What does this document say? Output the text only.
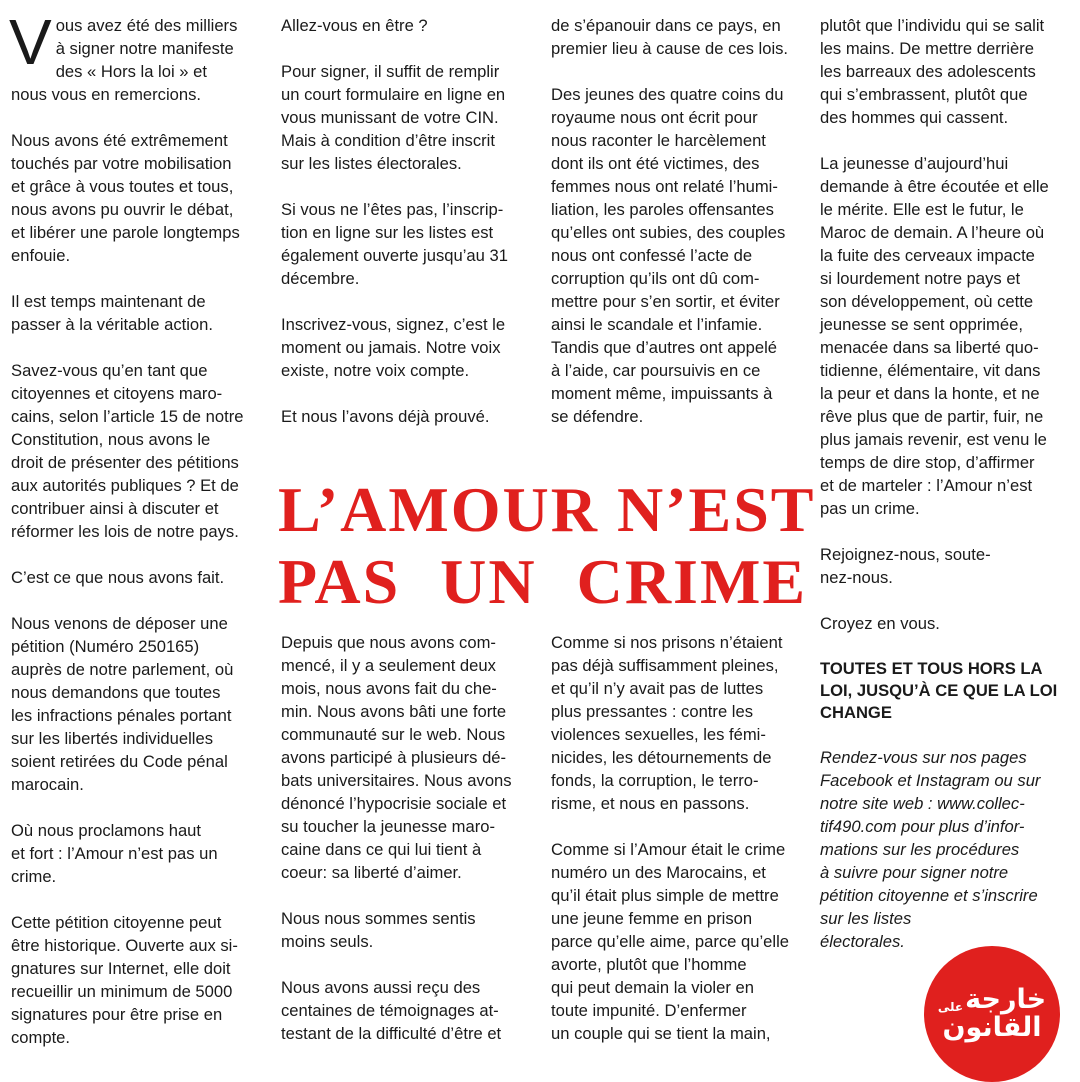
Vous avez été des milliers
à signer notre manifeste
des « Hors la loi » et
nous vous en remercions.

Nous avons été extrêmement
touchés par votre mobilisation
et grâce à vous toutes et tous,
nous avons pu ouvrir le débat,
et libérer une parole longtemps
enfouie.

Il est temps maintenant de
passer à la véritable action.

Savez-vous qu’en tant que
citoyennes et citoyens maro-
cains, selon l’article 15 de notre
Constitution, nous avons le
droit de présenter des pétitions
aux autorités publiques ? Et de
contribuer ainsi à discuter et
réformer les lois de notre pays.

C’est ce que nous avons fait.

Nous venons de déposer une
pétition (Numéro 250165)
auprès de notre parlement, où
nous demandons que toutes
les infractions pénales portant
sur les libertés individuelles
soient retirées du Code pénal
marocain.

Où nous proclamons haut
et fort : l’Amour n’est pas un
crime.

Cette pétition citoyenne peut
être historique. Ouverte aux si-
gnatures sur Internet, elle doit
recueillir un minimum de 5000
signatures pour être prise en
compte.

Allez-vous en être ?

Pour signer, il suffit de remplir
un court formulaire en ligne en
vous munissant de votre CIN.
Mais à condition d’être inscrit
sur les listes électorales.

Si vous ne l’êtes pas, l’inscrip-
tion en ligne sur les listes est
également ouverte jusqu’au 31
décembre.

Inscrivez-vous, signez, c’est le
moment ou jamais. Notre voix
existe, notre voix compte.

Et nous l’avons déjà prouvé.

de s’épanouir dans ce pays, en
premier lieu à cause de ces lois.

Des jeunes des quatre coins du
royaume nous ont écrit pour
nous raconter le harcèlement
dont ils ont été victimes, des
femmes nous ont relaté l’humi-
liation, les paroles offensantes
qu’elles ont subies, des couples
nous ont confessé l’acte de
corruption qu’ils ont dû com-
mettre pour s’en sortir, et éviter
ainsi le scandale et l’infamie.
Tandis que d’autres ont appelé
à l’aide, car poursuivis en ce
moment même, impuissants à
se défendre.

L’AMOUR N’EST
PAS UN CRIME

Depuis que nous avons com-
mencé, il y a seulement deux
mois, nous avons fait du che-
min. Nous avons bâti une forte
communauté sur le web. Nous
avons participé à plusieurs dé-
bats universitaires. Nous avons
dénoncé l’hypocrisie sociale et
su toucher la jeunesse maro-
caine dans ce qui lui tient à
coeur: sa liberté d’aimer.

Nous nous sommes sentis
moins seuls.

Nous avons aussi reçu des
centaines de témoignages at-
testant de la difficulté d’être et

Comme si nos prisons n’étaient
pas déjà suffisamment pleines,
et qu’il n’y avait pas de luttes
plus pressantes : contre les
violences sexuelles, les fémi-
nicides, les détournements de
fonds, la corruption, le terro-
risme, et nous en passons.

Comme si l’Amour était le crime
numéro un des Marocains, et
qu’il était plus simple de mettre
une jeune femme en prison
parce qu’elle aime, parce qu’elle
avorte, plutôt que l’homme
qui peut demain la violer en
toute impunité. D’enfermer
un couple qui se tient la main,

plutôt que l’individu qui se salit
les mains. De mettre derrière
les barreaux des adolescents
qui s’embrassent, plutôt que
des hommes qui cassent.

La jeunesse d’aujourd’hui
demande à être écoutée et elle
le mérite. Elle est le futur, le
Maroc de demain. A l’heure où
la fuite des cerveaux impacte
si lourdement notre pays et
son développement, où cette
jeunesse se sent opprimée,
menacée dans sa liberté quo-
tidienne, élémentaire, vit dans
la peur et dans la honte, et ne
rêve plus que de partir, fuir, ne
plus jamais revenir, est venu le
temps de dire stop, d’affirmer
et de marteler : l’Amour n’est
pas un crime.

Rejoignez-nous, soute-
nez-nous.

Croyez en vous.

TOUTES ET TOUS HORS LA
LOI, JUSQU’À CE QUE LA LOI
CHANGE

Rendez-vous sur nos pages
Facebook et Instagram ou sur
notre site web : www.collec-
tif490.com pour plus d’infor-
mations sur les procédures
à suivre pour signer notre
pétition citoyenne et s’inscrire
sur les listes
électorales.

خارجة
على
القانون
